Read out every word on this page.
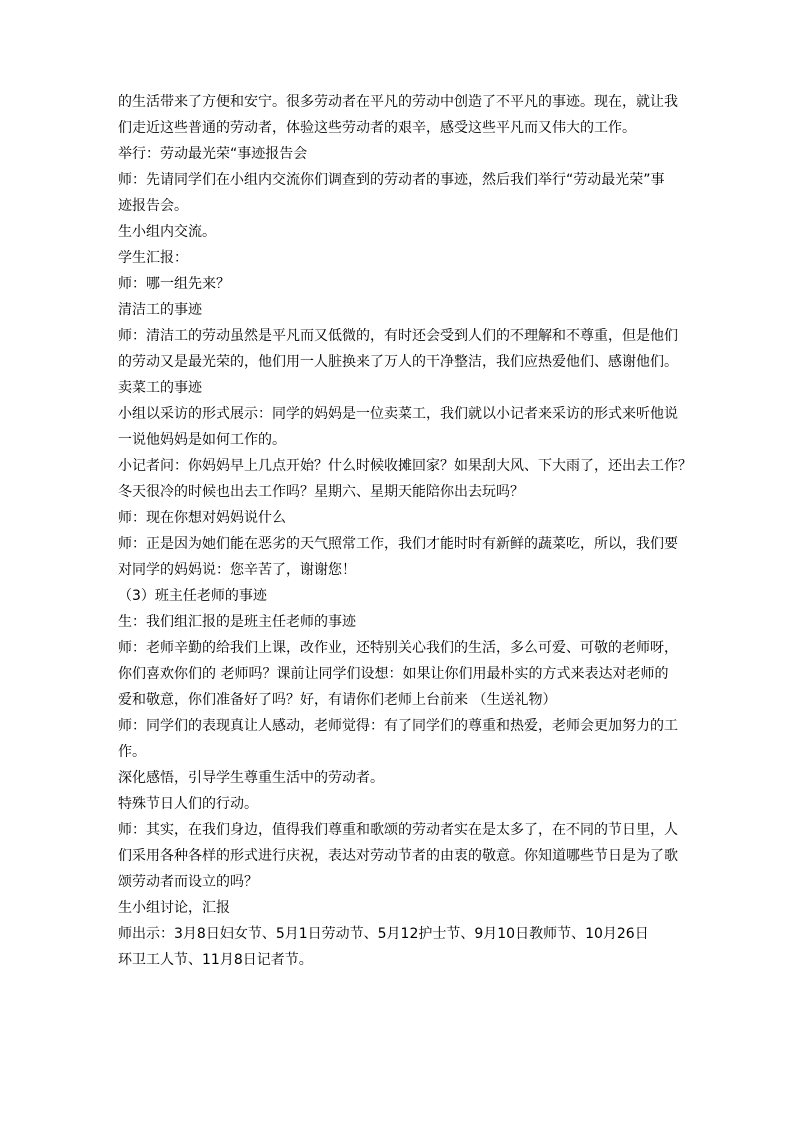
的生活带来了方便和安宁。很多劳动者在平凡的劳动中创造了不平凡的事迹。现在，就让我
们走近这些普通的劳动者，体验这些劳动者的艰辛，感受这些平凡而又伟大的工作。
举行：劳动最光荣“事迹报告会
师：先请同学们在小组内交流你们调查到的劳动者的事迹，然后我们举行“劳动最光荣”事
迹报告会。
生小组内交流。
学生汇报：
师：哪一组先来？
清洁工的事迹
师：清洁工的劳动虽然是平凡而又低微的，有时还会受到人们的不理解和不尊重，但是他们
的劳动又是最光荣的，他们用一人脏换来了万人的干净整洁，我们应热爱他们、感谢他们。
卖菜工的事迹
小组以采访的形式展示：同学的妈妈是一位卖菜工，我们就以小记者来采访的形式来听他说
一说他妈妈是如何工作的。
小记者问：你妈妈早上几点开始？什么时候收摊回家？如果刮大风、下大雨了，还出去工作？
冬天很冷的时候也出去工作吗？星期六、星期天能陪你出去玩吗？
师：现在你想对妈妈说什么
师：正是因为她们能在恶劣的天气照常工作，我们才能时时有新鲜的蔬菜吃，所以，我们要
对同学的妈妈说：您辛苦了，谢谢您！
（3）班主任老师的事迹
生：我们组汇报的是班主任老师的事迹
师：老师辛勤的给我们上课，改作业，还特别关心我们的生活，多么可爱、可敬的老师呀，
你们喜欢你们的 老师吗？课前让同学们设想：如果让你们用最朴实的方式来表达对老师的
爱和敬意，你们准备好了吗？好，有请你们老师上台前来 （生送礼物）
师：同学们的表现真让人感动，老师觉得：有了同学们的尊重和热爱，老师会更加努力的工
作。
深化感悟，引导学生尊重生活中的劳动者。
特殊节日人们的行动。
师：其实，在我们身边，值得我们尊重和歌颂的劳动者实在是太多了，在不同的节日里，人
们采用各种各样的形式进行庆祝，表达对劳动节者的由衷的敬意。你知道哪些节日是为了歌
颂劳动者而设立的吗？
生小组讨论，汇报
师出示：3月8日妇女节、5月1日劳动节、5月12护士节、9月10日教师节、10月26日
环卫工人节、11月8日记者节。
